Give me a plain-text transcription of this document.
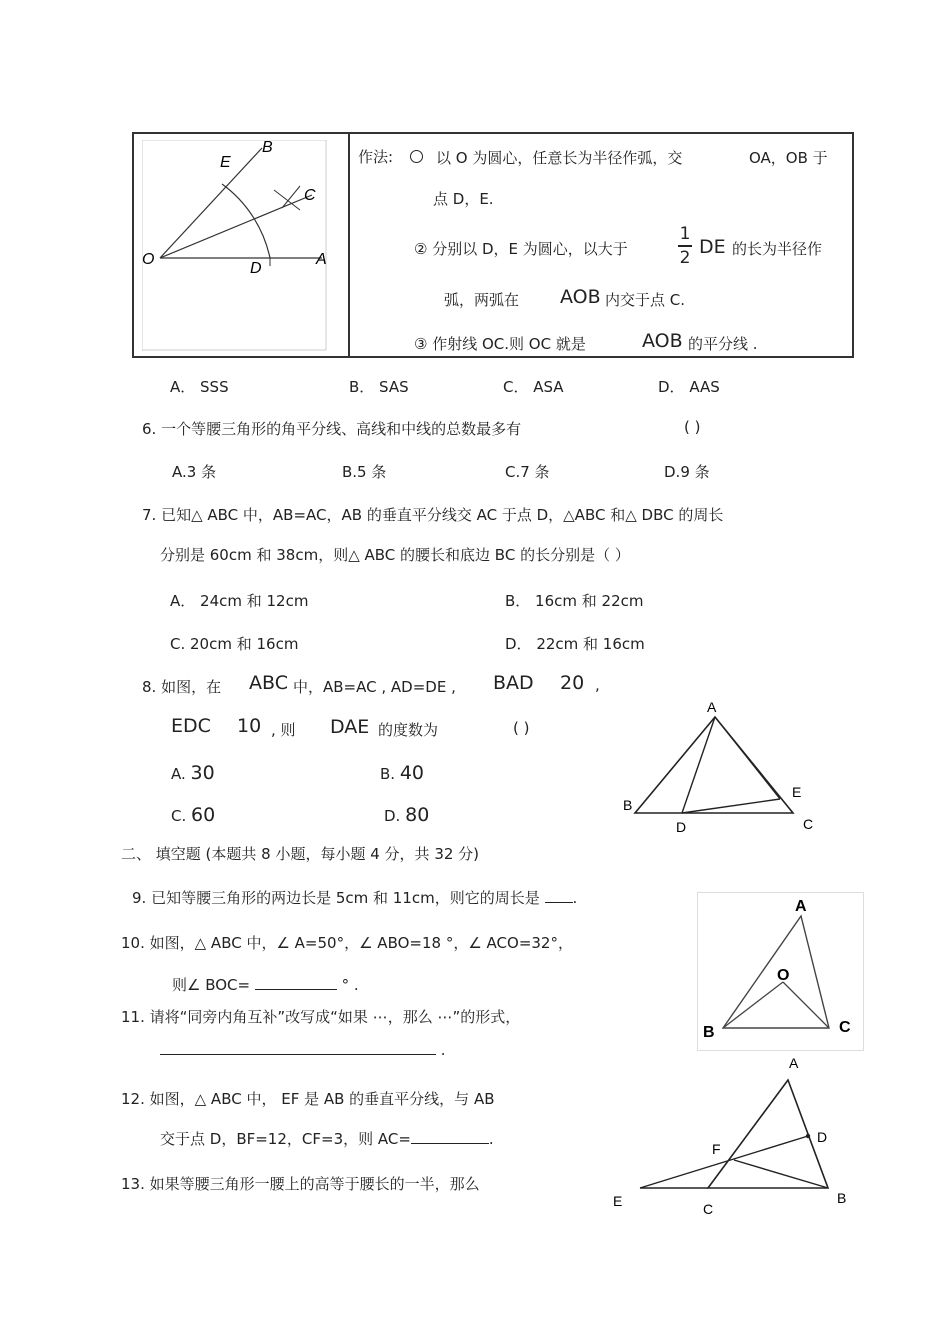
B
E
C
O
D
A
作法:	以 O 为圆心，任意长为半径作弧，交	OA，OB 于
点 D，E.
② 分别以 D，E 为圆心，以大于
1
2 DE 的长为半径作
弧，两弧在 AOB 内交于点 C.
③ 作射线 OC.则 OC 就是	AOB 的平分线 .
A． SSS	B． SAS	C． ASA	D． AAS
6. 一个等腰三角形的角平分线、高线和中线的总数最多有	( )
A.3 条	B.5 条	C.7 条	D.9 条
7. 已知△ ABC 中，AB=AC，AB 的垂直平分线交 AC 于点 D，△ABC 和△ DBC 的周长
分别是 60cm 和 38cm，则△ ABC 的腰长和底边 BC 的长分别是（ ）
A． 24cm 和 12cm	B． 16cm 和 22cm
C. 20cm 和 16cm	D． 22cm 和 16cm
8. 如图，在 ABC 中，AB=AC , AD=DE , BAD 20 ,
EDC 10 , 则 DAE 的度数为	( )
A. 30	B. 40
C. 60	D. 80
A
B
D
E
C
二、 填空题 (本题共 8 小题，每小题 4 分，共 32 分)
9. 已知等腰三角形的两边长是 5cm 和 11cm，则它的周长是 .
10. 如图，△ ABC 中，∠ A=50°，∠ ABO=18 °，∠ ACO=32°，
则∠ BOC=	° .
A
O
B	C
11. 请将“同旁内角互补”改写成“如果 ⋯，那么 ⋯”的形式，
.
12. 如图，△ ABC 中， EF 是 AB 的垂直平分线，与 AB
交于点 D，BF=12，CF=3，则 AC=	.
A
D
F
E	C
B
13. 如果等腰三角形一腰上的高等于腰长的一半，那么
